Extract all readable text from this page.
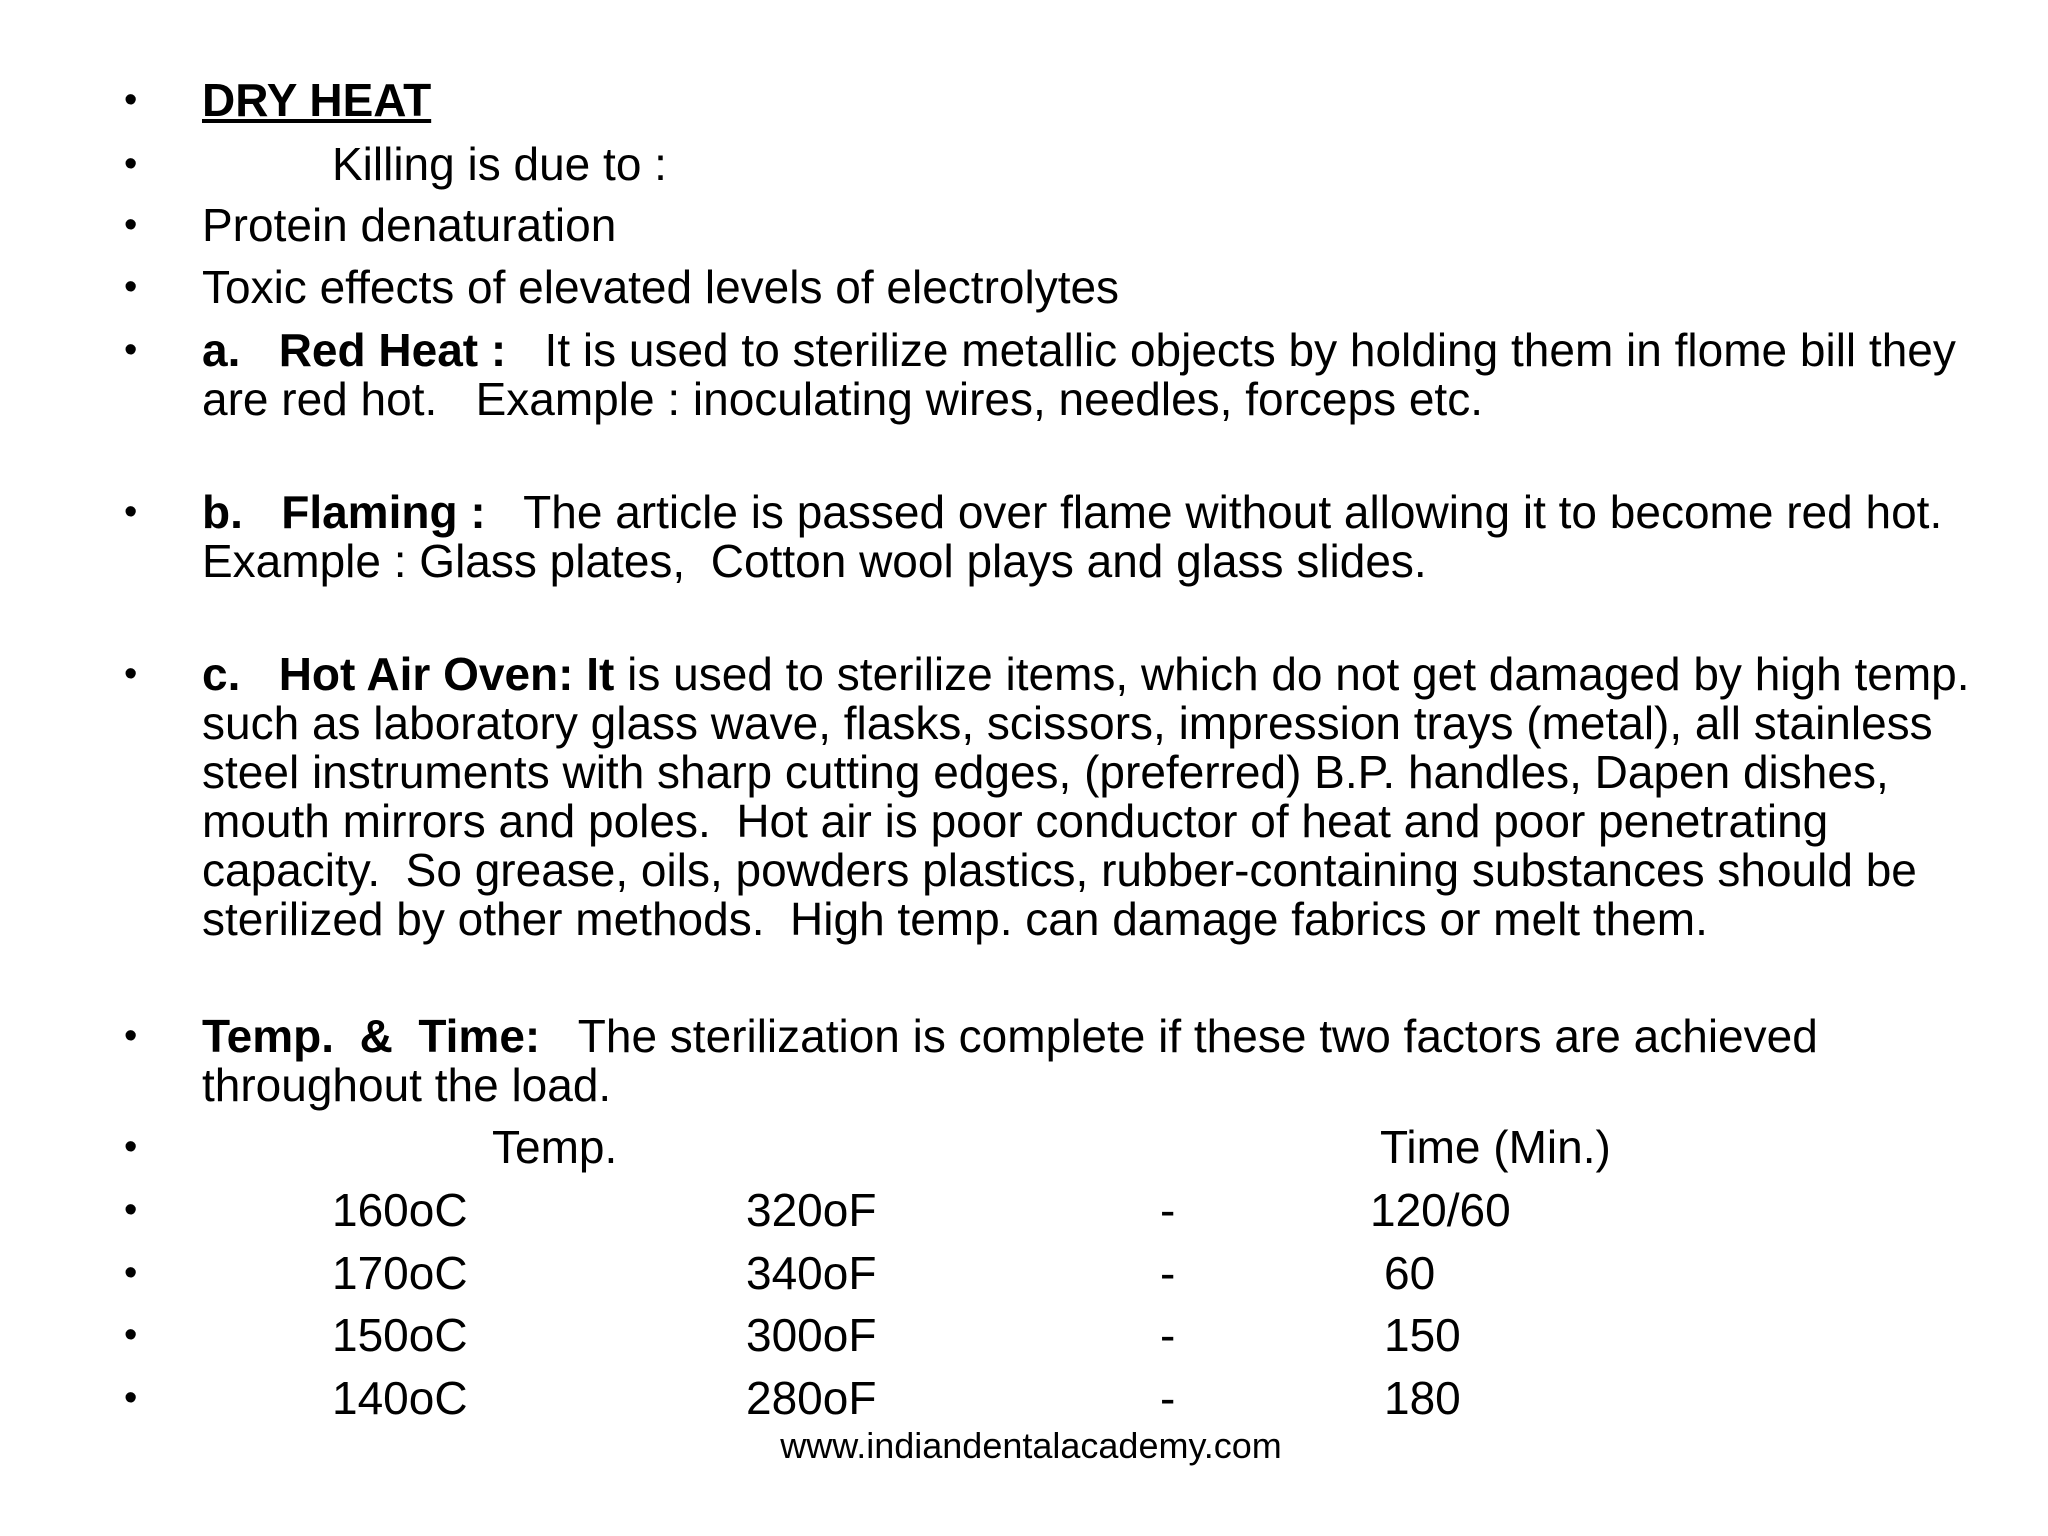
• DRY HEAT
•	Killing is due to :
• Protein denaturation
• Toxic effects of elevated levels of electrolytes
• a.   Red Heat :   It is used to sterilize metallic objects by holding them in flome bill they are red hot.   Example : inoculating wires, needles, forceps etc.
• b.   Flaming :   The article is passed over flame without allowing it to become red hot.  Example : Glass plates,  Cotton wool plays and glass slides.
• c.   Hot Air Oven: It is used to sterilize items, which do not get damaged by high temp. such as laboratory glass wave, flasks, scissors, impression trays (metal), all stainless steel instruments with sharp cutting edges, (preferred) B.P. handles, Dapen dishes, mouth mirrors and poles.  Hot air is poor conductor of heat and poor penetrating capacity.  So grease, oils, powders plastics, rubber-containing substances should be sterilized by other methods.  High temp. can damage fabrics or melt them.
• Temp.  &  Time:   The sterilization is complete if these two factors are achieved throughout the load.
•	Temp.	Time (Min.)
•	160oC	320oF	-	120/60
•	170oC	340oF	-	60
•	150oC	300oF	-	150
•	140oC	280oF	-	180
www.indiandentalacademy.com
